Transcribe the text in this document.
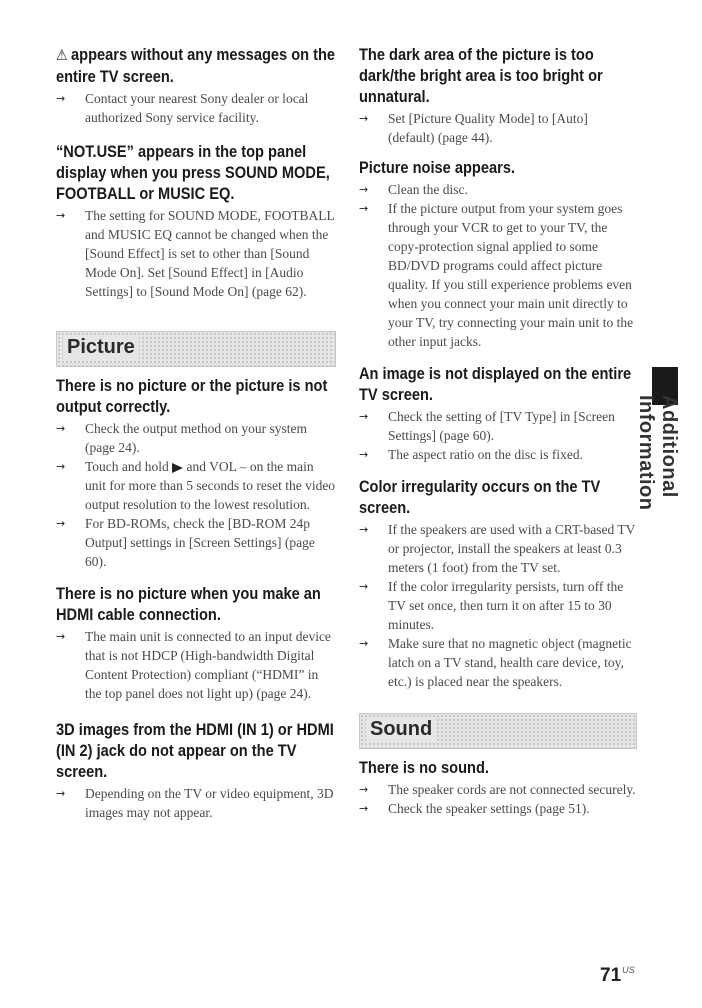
⚠ appears without any messages on the entire TV screen.
→ Contact your nearest Sony dealer or local authorized Sony service facility.
“NOT.USE” appears in the top panel display when you press SOUND MODE, FOOTBALL or MUSIC EQ.
→ The setting for SOUND MODE, FOOTBALL and MUSIC EQ cannot be changed when the [Sound Effect] is set to other than [Sound Mode On]. Set [Sound Effect] in [Audio Settings] to [Sound Mode On] (page 62).
Picture
There is no picture or the picture is not output correctly.
→ Check the output method on your system (page 24).
→ Touch and hold and VOL – on the main unit for more than 5 seconds to reset the video output resolution to the lowest resolution.
→ For BD-ROMs, check the [BD-ROM 24p Output] settings in [Screen Settings] (page 60).
There is no picture when you make an HDMI cable connection.
→ The main unit is connected to an input device that is not HDCP (High-bandwidth Digital Content Protection) compliant (“HDMI” in the top panel does not light up) (page 24).
3D images from the HDMI (IN 1) or HDMI (IN 2) jack do not appear on the TV screen.
→ Depending on the TV or video equipment, 3D images may not appear.
The dark area of the picture is too dark/the bright area is too bright or unnatural.
→ Set [Picture Quality Mode] to [Auto] (default) (page 44).
Picture noise appears.
→ Clean the disc.
→ If the picture output from your system goes through your VCR to get to your TV, the copy-protection signal applied to some BD/DVD programs could affect picture quality. If you still experience problems even when you connect your main unit directly to your TV, try connecting your main unit to the other input jacks.
An image is not displayed on the entire TV screen.
→ Check the setting of [TV Type] in [Screen Settings] (page 60).
→ The aspect ratio on the disc is fixed.
Color irregularity occurs on the TV screen.
→ If the speakers are used with a CRT-based TV or projector, install the speakers at least 0.3 meters (1 foot) from the TV set.
→ If the color irregularity persists, turn off the TV set once, then turn it on after 15 to 30 minutes.
→ Make sure that no magnetic object (magnetic latch on a TV stand, health care device, toy, etc.) is placed near the speakers.
Sound
There is no sound.
→ The speaker cords are not connected securely.
→ Check the speaker settings (page 51).
Additional Information
$71^{US}$
